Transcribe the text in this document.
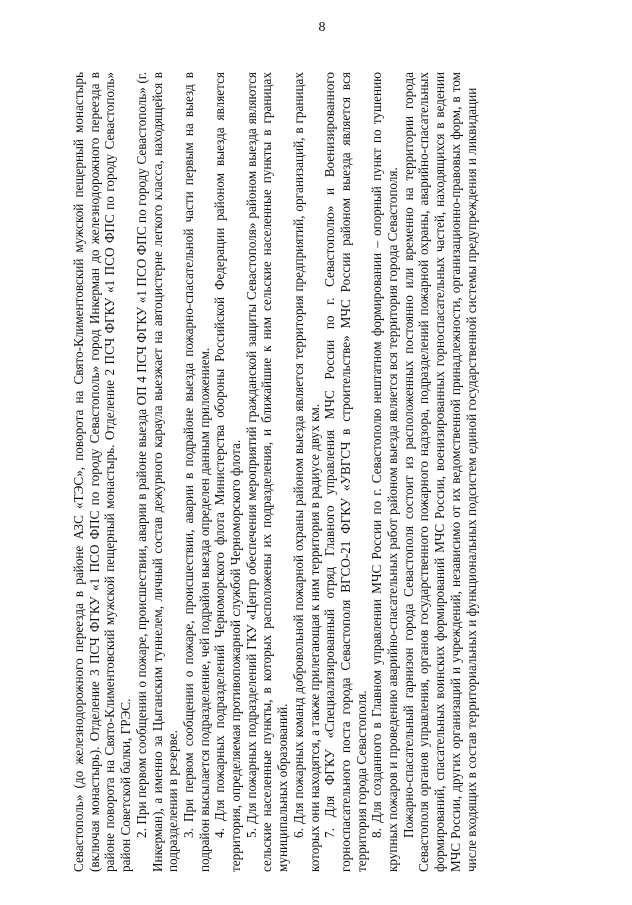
8

Севастополь» (до железнодорожного переезда в районе АЗС «ТЭС», поворота на Свято-Климентовский мужской пещерный монастырь (включая монастырь). Отделение 3 ПСЧ ФГКУ «1 ПСО ФПС по городу Севастополь» город Инкерман до железнодорожного переезда в районе поворота на Свято-Климентовский мужской пещерный монастырь. Отделение 2 ПСЧ ФГКУ «1 ПСО ФПС по городу Севастополь» район Советской балки, ГРЭС. 2. При первом сообщении о пожаре, происшествии, аварии в районе выезда ОП 4 ПСЧ ФГКУ «1 ПСО ФПС по городу Севастополь» (г. Инкерман), а именно за Цыганским туннелем, личный состав дежурного караула выезжает на автоцистерне легкого класса, находящейся в подразделении в резерве. 3. При первом сообщении о пожаре, происшествии, аварии в подрайоне выезда пожарно-спасательной части первым на выезд в подрайон высылается подразделение, чей подрайон выезда определен данным приложением. 4. Для пожарных подразделений Черноморского флота Министерства обороны Российской Федерации районом выезда является территория, определяемая противопожарной службой Черноморского флота. 5. Для пожарных подразделений ГКУ «Центр обеспечения мероприятий гражданской защиты Севастополя» районом выезда являются сельские населенные пункты, в которых расположены их подразделения, и ближайшие к ним сельские населенные пункты в границах муниципальных образований. 6. Для пожарных команд добровольной пожарной охраны районом выезда является территория предприятий, организаций, в границах которых они находятся, а также прилегающая к ним территория в радиусе двух км. 7. Для ФГКУ «Специализированный отряд Главного управления МЧС России по г. Севастополю» и Военизированного горноспасательного поста города Севастополя ВГСО-21 ФГКУ «УВГСЧ в строительстве» МЧС России районом выезда является вся территория города Севастополя. 8. Для созданного в Главном управлении МЧС России по г. Севастополю нештатном формировании – опорный пункт по тушению крупных пожаров и проведению аварийно-спасательных работ районом выезда является вся территория города Севастополя. Пожарно-спасательный гарнизон города Севастополя состоит из расположенных постоянно или временно на территории города Севастополя органов управления, органов государственного пожарного надзора, подразделений пожарной охраны, аварийно-спасательных формирований, спасательных воинских формирований МЧС России, военизированных горноспасательных частей, находящихся в ведении МЧС России, других организаций и учреждений, независимо от их ведомственной принадлежности, организационно-правовых форм, в том числе входящих в состав территориальных и функциональных подсистем единой государственной системы предупреждения и ликвидации
